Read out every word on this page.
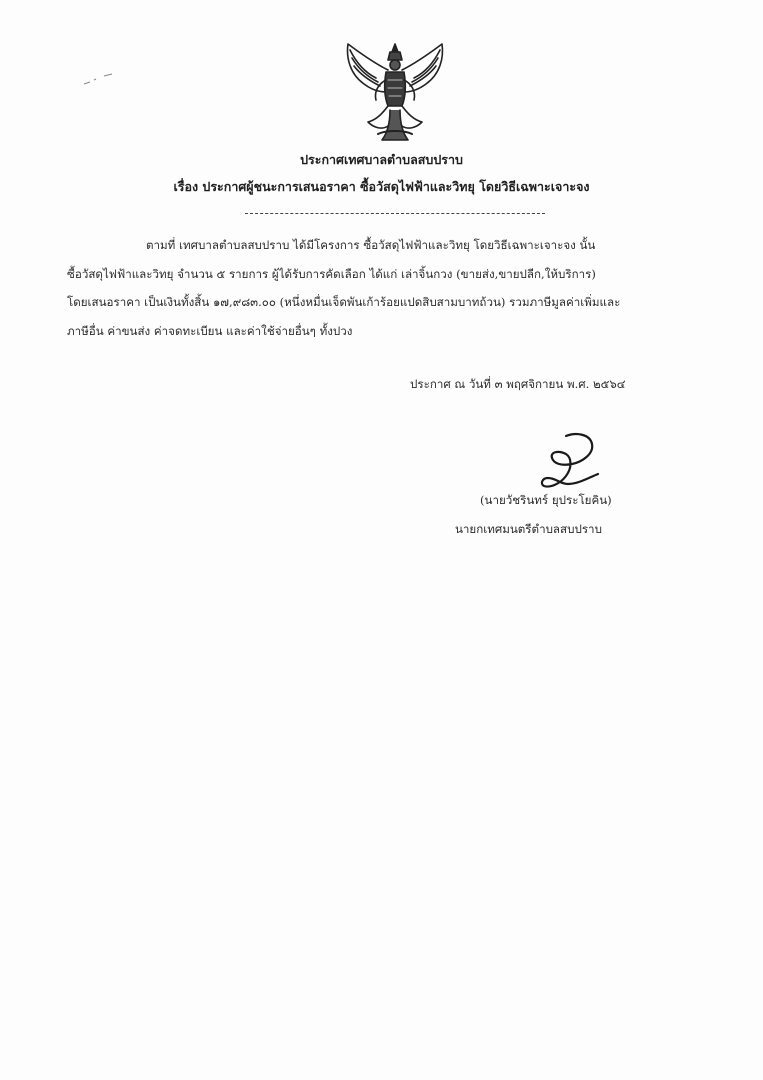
ประกาศเทศบาลตำบลสบปราบ
เรื่อง ประกาศผู้ชนะการเสนอราคา ซื้อวัสดุไฟฟ้าและวิทยุ โดยวิธีเฉพาะเจาะจง
ตามที่ เทศบาลตำบลสบปราบ ได้มีโครงการ ซื้อวัสดุไฟฟ้าและวิทยุ โดยวิธีเฉพาะเจาะจง นั้น
ซื้อวัสดุไฟฟ้าและวิทยุ จำนวน ๕ รายการ ผู้ได้รับการคัดเลือก ได้แก่ เล่าจิ้นกวง (ขายส่ง,ขายปลีก,ให้บริการ)
โดยเสนอราคา เป็นเงินทั้งสิ้น ๑๗,๙๘๓.๐๐ (หนึ่งหมื่นเจ็ดพันเก้าร้อยแปดสิบสามบาทถ้วน) รวมภาษีมูลค่าเพิ่มและ
ภาษีอื่น ค่าขนส่ง ค่าจดทะเบียน และค่าใช้จ่ายอื่นๆ ทั้งปวง
ประกาศ ณ วันที่ ๓ พฤศจิกายน พ.ศ. ๒๕๖๔
(นายวัชรินทร์ ยุประโยคิน)
นายกเทศมนตรีตำบลสบปราบ
